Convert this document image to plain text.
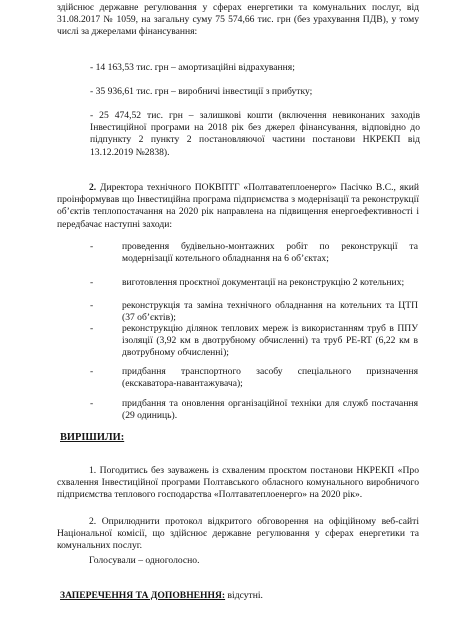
здійснює державне регулювання у сферах енергетики та комунальних послуг, від 31.08.2017 № 1059, на загальну суму 75 574,66 тис. грн (без урахування ПДВ), у тому числі за джерелами фінансування:

- 14 163,53 тис. грн – амортизаційні відрахування;

- 35 936,61 тис. грн – виробничі інвестиції з прибутку;

- 25 474,52 тис. грн – залишкові кошти (включення невиконаних заходів Інвестиційної програми на 2018 рік без джерел фінансування, відповідно до підпункту 2 пункту 2 постановляючої частини постанови НКРЕКП від 13.12.2019 №2838).

2. Директора технічного ПОКВПТГ «Полтаватеплоенерго» Пасічко В.С., який проінформував що Інвестиційна програма підприємства з модернізації та реконструкції об’єктів теплопостачання на 2020 рік направлена на підвищення енергоефективності і передбачає наступні заходи:

-	проведення будівельно-монтажних робіт по реконструкції та модернізації котельного обладнання на 6 об’єктах;

-	виготовлення проєктної документації на реконструкцію 2 котельних;

-	реконструкція та заміна технічного обладнання на котельних та ЦТП (37 об’єктів);

-	реконструкцію ділянок теплових мереж із використанням труб в ППУ ізоляції (3,92 км в двотрубному обчисленні) та труб PE-RT (6,22 км в двотрубному обчисленні);

-	придбання транспортного засобу спеціального призначення (екскаватора-навантажувача);

-	придбання та оновлення організаційної техніки для служб постачання (29 одиниць).

ВИРІШИЛИ:

1. Погодитись без зауважень із схваленим проєктом постанови НКРЕКП «Про схвалення Інвестиційної програми Полтавського обласного комунального виробничого підприємства теплового господарства «Полтаватеплоенерго» на 2020 рік».

2. Оприлюднити протокол відкритого обговорення на офіційному веб-сайті Національної комісії, що здійснює державне регулювання у сферах енергетики та комунальних послуг.

Голосували – одноголосно.

ЗАПЕРЕЧЕННЯ ТА ДОПОВНЕННЯ: відсутні.
